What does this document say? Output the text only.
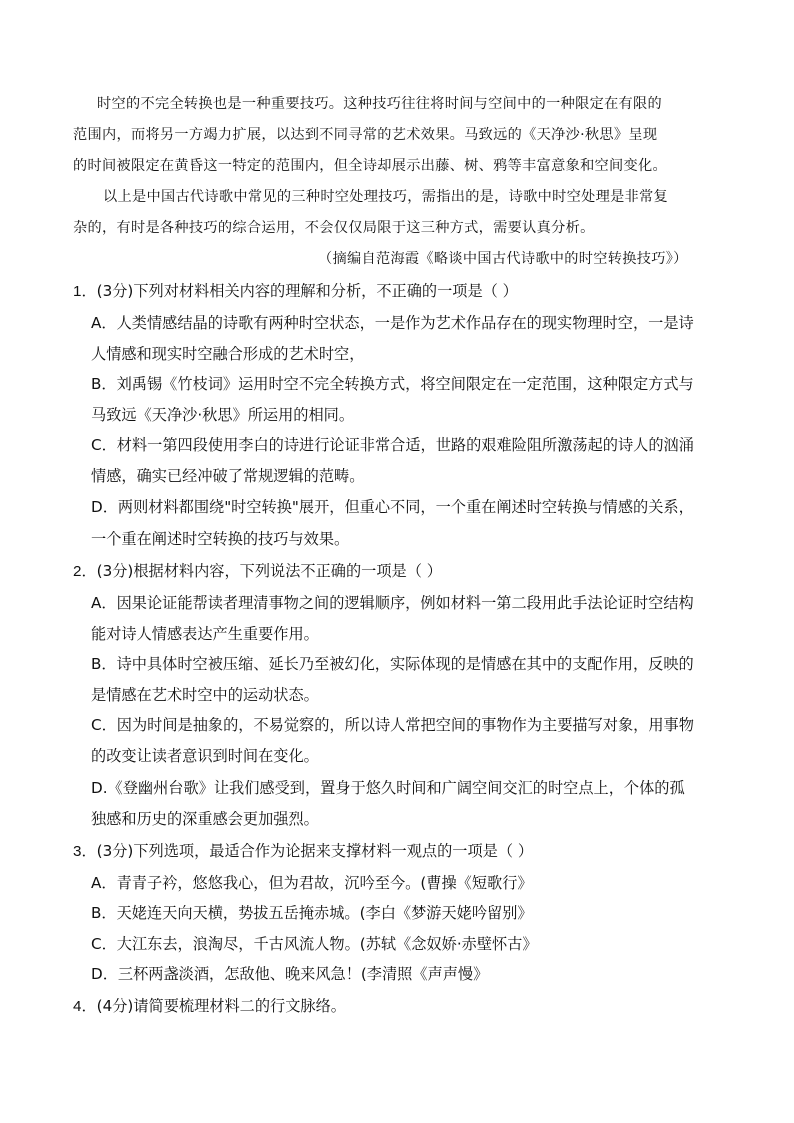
时空的不完全转换也是一种重要技巧。这种技巧往往将时间与空间中的一种限定在有限的
范围内，而将另一方竭力扩展，以达到不同寻常的艺术效果。马致远的《天净沙·秋思》呈现
的时间被限定在黄昏这一特定的范围内，但全诗却展示出藤、树、鸦等丰富意象和空间变化。
以上是中国古代诗歌中常见的三种时空处理技巧，需指出的是，诗歌中时空处理是非常复
杂的，有时是各种技巧的综合运用，不会仅仅局限于这三种方式，需要认真分析。
（摘编自范海霞《略谈中国古代诗歌中的时空转换技巧》）
1．(3分)下列对材料相关内容的理解和分析，不正确的一项是（ ）
A．人类情感结晶的诗歌有两种时空状态，一是作为艺术作品存在的现实物理时空，一是诗
人情感和现实时空融合形成的艺术时空，
B．刘禹锡《竹枝词》运用时空不完全转换方式，将空间限定在一定范围，这种限定方式与
马致远《天净沙·秋思》所运用的相同。
C．材料一第四段使用李白的诗进行论证非常合适，世路的艰难险阻所激荡起的诗人的汹涌
情感，确实已经冲破了常规逻辑的范畴。
D．两则材料都围绕"时空转换"展开，但重心不同，一个重在阐述时空转换与情感的关系，
一个重在阐述时空转换的技巧与效果。
2．(3分)根据材料内容，下列说法不正确的一项是（ ）
A．因果论证能帮读者理清事物之间的逻辑顺序，例如材料一第二段用此手法论证时空结构
能对诗人情感表达产生重要作用。
B．诗中具体时空被压缩、延长乃至被幻化，实际体现的是情感在其中的支配作用，反映的
是情感在艺术时空中的运动状态。
C．因为时间是抽象的，不易觉察的，所以诗人常把空间的事物作为主要描写对象，用事物
的改变让读者意识到时间在变化。
D.《登幽州台歌》让我们感受到，置身于悠久时间和广阔空间交汇的时空点上，个体的孤
独感和历史的深重感会更加强烈。
3．(3分)下列选项，最适合作为论据来支撑材料一观点的一项是（ ）
A．青青子衿，悠悠我心，但为君故，沉吟至今。(曹操《短歌行》
B．天姥连天向天横，势拔五岳掩赤城。(李白《梦游天姥吟留别》
C．大江东去，浪淘尽，千古风流人物。(苏轼《念奴娇·赤壁怀古》
D．三杯两盏淡酒，怎敌他、晚来风急！(李清照《声声慢》
4．(4分)请简要梳理材料二的行文脉络。
